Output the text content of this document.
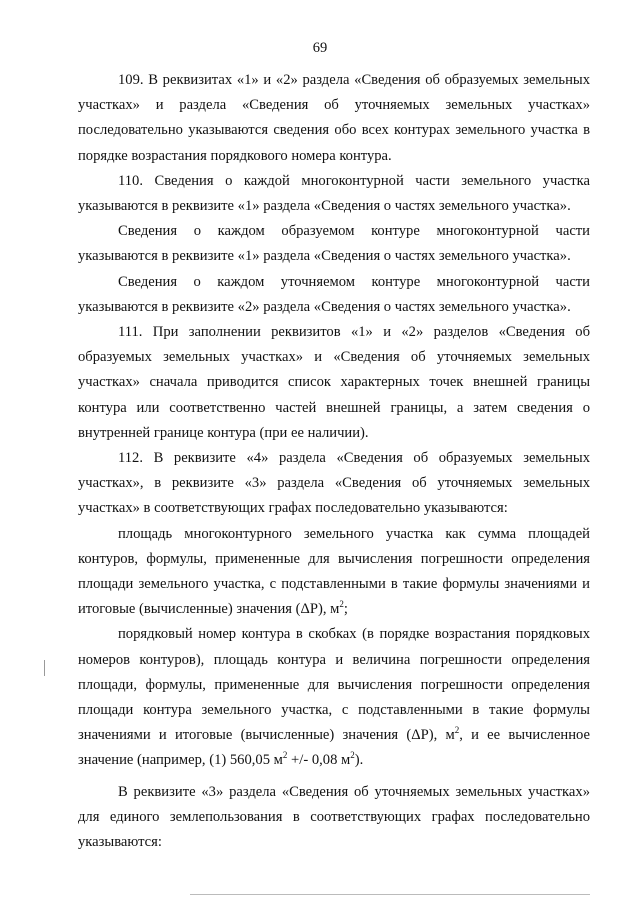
69

109. В реквизитах «1» и «2» раздела «Сведения об образуемых земельных участках» и раздела «Сведения об уточняемых земельных участках» последовательно указываются сведения обо всех контурах земельного участка в порядке возрастания порядкового номера контура.

110. Сведения о каждой многоконтурной части земельного участка указываются в реквизите «1» раздела «Сведения о частях земельного участка».

Сведения о каждом образуемом контуре многоконтурной части указываются в реквизите «1» раздела «Сведения о частях земельного участка».

Сведения о каждом уточняемом контуре многоконтурной части указываются в реквизите «2» раздела «Сведения о частях земельного участка».

111. При заполнении реквизитов «1» и «2» разделов «Сведения об образуемых земельных участках» и «Сведения об уточняемых земельных участках» сначала приводится список характерных точек внешней границы контура или соответственно частей внешней границы, а затем сведения о внутренней границе контура (при ее наличии).

112. В реквизите «4» раздела «Сведения об образуемых земельных участках», в реквизите «3» раздела «Сведения об уточняемых земельных участках» в соответствующих графах последовательно указываются:

площадь многоконтурного земельного участка как сумма площадей контуров, формулы, примененные для вычисления погрешности определения площади земельного участка, с подставленными в такие формулы значениями и итоговые (вычисленные) значения (ΔP), $м^2$;

порядковый номер контура в скобках (в порядке возрастания порядковых номеров контуров), площадь контура и величина погрешности определения площади, формулы, примененные для вычисления погрешности определения площади контура земельного участка, с подставленными в такие формулы значениями и итоговые (вычисленные) значения (ΔP), $м^2$, и ее вычисленное значение (например, (1) 560,05 $м^2$ +/- 0,08 $м^2$).

В реквизите «3» раздела «Сведения об уточняемых земельных участках» для единого землепользования в соответствующих графах последовательно указываются:
